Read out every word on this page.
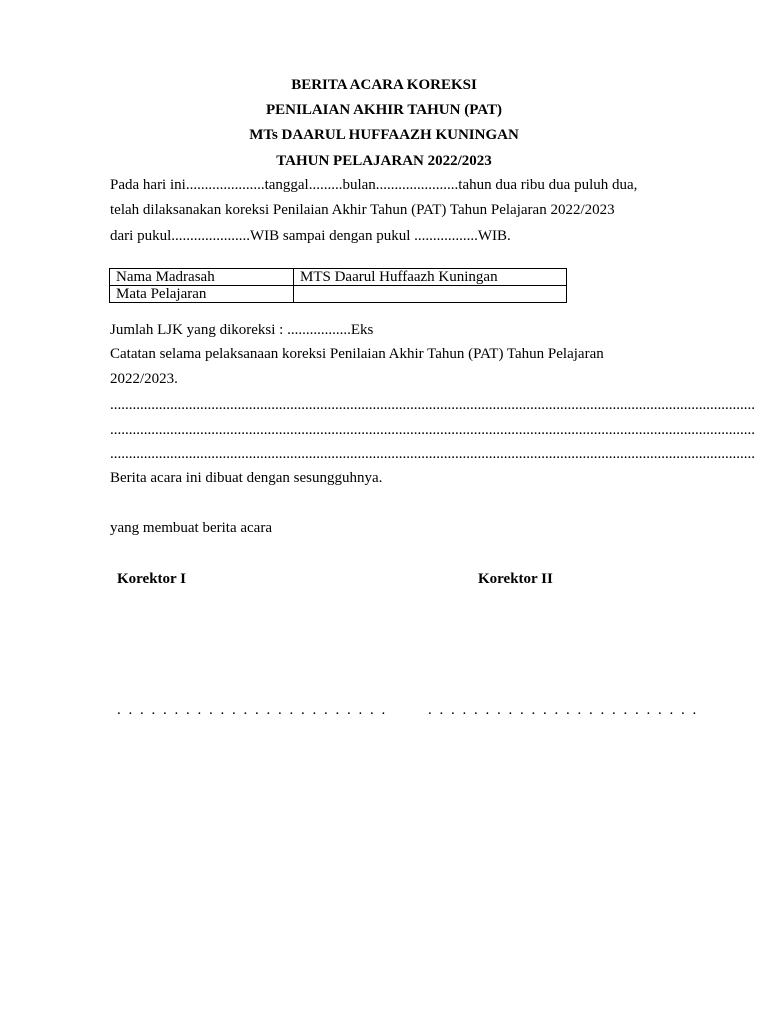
BERITA ACARA KOREKSI
PENILAIAN AKHIR TAHUN (PAT)
MTs DAARUL HUFFAAZH KUNINGAN
TAHUN PELAJARAN 2022/2023
Pada hari ini.....................tanggal.........bulan......................tahun dua ribu dua puluh dua,
telah dilaksanakan koreksi Penilaian Akhir Tahun (PAT) Tahun Pelajaran 2022/2023
dari pukul.....................WIB sampai dengan pukul .................WIB.
Nama Madrasah	MTS Daarul Huffaazh Kuningan
Mata Pelajaran	
Jumlah LJK yang dikoreksi : .................Eks
Catatan selama pelaksanaan koreksi Penilaian Akhir Tahun (PAT) Tahun Pelajaran
2022/2023.
............................................................................................................................................................................
............................................................................................................................................................................
............................................................................................................................................................................
Berita acara ini dibuat dengan sesungguhnya.
yang membuat berita acara
Korektor I	Korektor II
. . . . . . . . . . . . . . . . . . . . . . . .	. . . . . . . . . . . . . . . . . . . . . . . .
